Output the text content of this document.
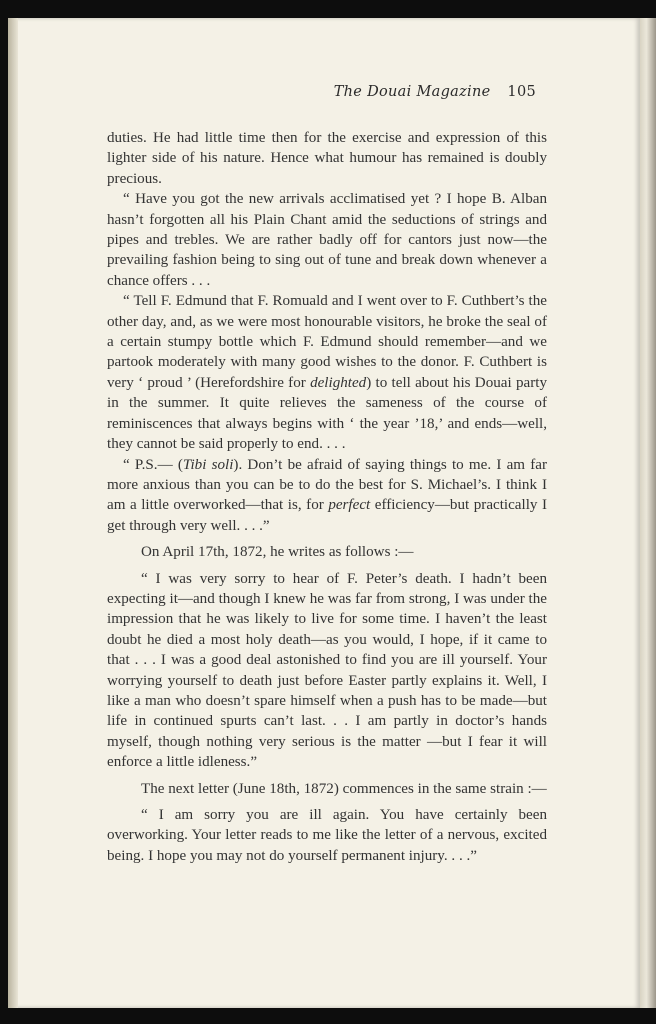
The Douai Magazine 105

duties. He had little time then for the exercise and expression of this lighter side of his nature. Hence what humour has remained is doubly precious.

“ Have you got the new arrivals acclimatised yet ? I hope B. Alban hasn’t forgotten all his Plain Chant amid the seductions of strings and pipes and trebles. We are rather badly off for cantors just now—the prevailing fashion being to sing out of tune and break down whenever a chance offers . . .

“ Tell F. Edmund that F. Romuald and I went over to F. Cuthbert’s the other day, and, as we were most honourable visitors, he broke the seal of a certain stumpy bottle which F. Edmund should remember—and we partook moderately with many good wishes to the donor. F. Cuthbert is very ‘ proud ’ (Herefordshire for delighted) to tell about his Douai party in the summer. It quite relieves the sameness of the course of reminiscences that always begins with ‘ the year ’18,’ and ends—well, they cannot be said properly to end. . . .

“ P.S.— (Tibi soli). Don’t be afraid of saying things to me. I am far more anxious than you can be to do the best for S. Michael’s. I think I am a little overworked—that is, for perfect efficiency—but practically I get through very well. . . .”

On April 17th, 1872, he writes as follows :—

“ I was very sorry to hear of F. Peter’s death. I hadn’t been expecting it—and though I knew he was far from strong, I was under the impression that he was likely to live for some time. I haven’t the least doubt he died a most holy death—as you would, I hope, if it came to that . . . I was a good deal astonished to find you are ill yourself. Your worrying yourself to death just before Easter partly explains it. Well, I like a man who doesn’t spare himself when a push has to be made—but life in continued spurts can’t last. . . I am partly in doctor’s hands myself, though nothing very serious is the matter —but I fear it will enforce a little idleness.”

The next letter (June 18th, 1872) commences in the same strain :—

“ I am sorry you are ill again. You have certainly been overworking. Your letter reads to me like the letter of a nervous, excited being. I hope you may not do yourself permanent injury. . . .”
